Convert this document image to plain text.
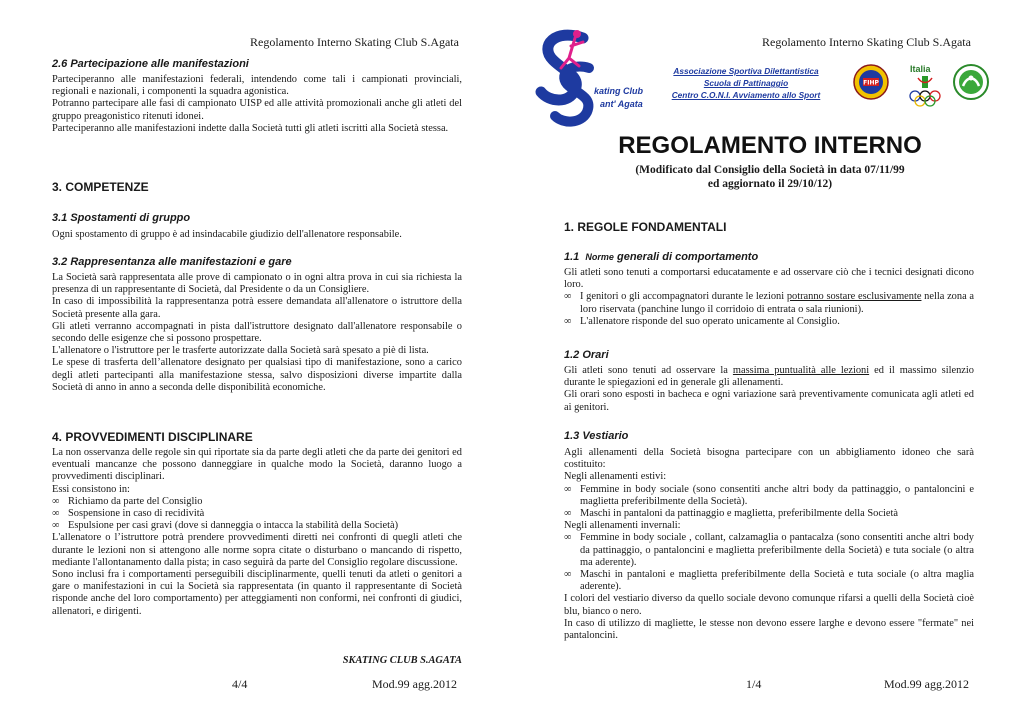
Regolamento Interno Skating Club S.Agata
2.6 Partecipazione alle manifestazioni

Parteciperanno alle manifestazioni federali, intendendo come tali i campionati provinciali, regionali e nazionali, i componenti la squadra agonistica.

Potranno partecipare alle fasi di campionato UISP ed alle attività promozionali anche gli atleti del gruppo preagonistico ritenuti idonei.

Parteciperanno alle manifestazioni indette dalla Società tutti gli atleti iscritti alla Società stessa.

3. COMPETENZE
3.1 Spostamenti di gruppo

Ogni spostamento di gruppo è ad insindacabile giudizio dell'allenatore responsabile.

3.2 Rappresentanza alle manifestazioni e gare

La Società sarà rappresentata alle prove di campionato o in ogni altra prova in cui sia richiesta la presenza di un rappresentante di Società, dal Presidente o da un Consigliere.

In caso di impossibilità la rappresentanza potrà essere demandata all'allenatore o istruttore della Società presente alla gara.

Gli atleti verranno accompagnati in pista dall'istruttore designato dall'allenatore responsabile o secondo delle esigenze che si possono prospettare.

L'allenatore o l'istruttore per le trasferte autorizzate dalla Società sarà spesato a piè di lista.

Le spese di trasferta dell’allenatore designato per qualsiasi tipo di manifestazione, sono a carico degli atleti partecipanti alla manifestazione stessa, salvo disposizioni diverse impartite dalla Società di anno in anno a seconda delle disponibilità economiche.

4. PROVVEDIMENTI DISCIPLINARE

La non osservanza delle regole sin qui riportate sia da parte degli atleti che da parte dei genitori ed eventuali mancanze che possono danneggiare in qualche modo la Società, daranno luogo a provvedimenti disciplinari.

Essi consistono in:

∞ Richiamo da parte del Consiglio
∞ Sospensione in caso di recidività
∞ Espulsione per casi gravi (dove si danneggia o intacca la stabilità della Società)

L'allenatore o l’istruttore potrà prendere provvedimenti diretti nei confronti di quegli atleti che durante le lezioni non si attengono alle norme sopra citate o disturbano o mancando di rispetto, mediante l'allontanamento dalla pista; in caso seguirà da parte del Consiglio regolare discussione.

Sono inclusi fra i comportamenti perseguibili disciplinarmente, quelli tenuti da atleti o genitori a gare o manifestazioni in cui la Società sia rappresentata (in quanto il rappresentante di Società risponde anche del loro comportamento) per atteggiamenti non conformi, nei confronti di giudici, allenatori, e dirigenti.

SKATING CLUB S.AGATA
4/4	Mod.99 agg.2012
Regolamento Interno Skating Club S.Agata
kating Club
ant' Agata
Associazione Sportiva Dilettantistica
Scuola di Pattinaggio
Centro C.O.N.I. Avviamento allo Sport
FIHP
Italia
REGOLAMENTO INTERNO
(Modificato dal Consiglio della Società in data 07/11/99
ed aggiornato il 29/10/12)
1. REGOLE FONDAMENTALI
1.1 Norme generali di comportamento

Gli atleti sono tenuti a comportarsi educatamente e ad osservare ciò che i tecnici designati dicono loro.

∞ I genitori o gli accompagnatori durante le lezioni potranno sostare esclusivamente nella zona a loro riservata (panchine lungo il corridoio di entrata o sala riunioni).
∞ L'allenatore risponde del suo operato unicamente al Consiglio.
1.2 Orari

Gli atleti sono tenuti ad osservare la massima puntualità alle lezioni ed il massimo silenzio durante le spiegazioni ed in generale gli allenamenti.

Gli orari sono esposti in bacheca e ogni variazione sarà preventivamente comunicata agli atleti ed ai genitori.

1.3 Vestiario

Agli allenamenti della Società bisogna partecipare con un abbigliamento idoneo che sarà costituito:

Negli allenamenti estivi:

∞ Femmine in body sociale (sono consentiti anche altri body da pattinaggio, o pantaloncini e maglietta preferibilmente della Società).
∞ Maschi in pantaloni da pattinaggio e maglietta, preferibilmente della Società

Negli allenamenti invernali:

∞ Femmine in body sociale , collant, calzamaglia o pantacalza (sono consentiti anche altri body da pattinaggio, o pantaloncini e maglietta preferibilmente della Società) e tuta sociale (o altra ma aderente).
∞ Maschi in pantaloni e maglietta preferibilmente della Società e tuta sociale (o altra maglia aderente).

I colori del vestiario diverso da quello sociale devono comunque rifarsi a quelli della Società cioè blu, bianco o nero.

In caso di utilizzo di magliette, le stesse non devono essere larghe e devono essere "fermate" nei pantaloncini.

1/4	Mod.99 agg.2012
